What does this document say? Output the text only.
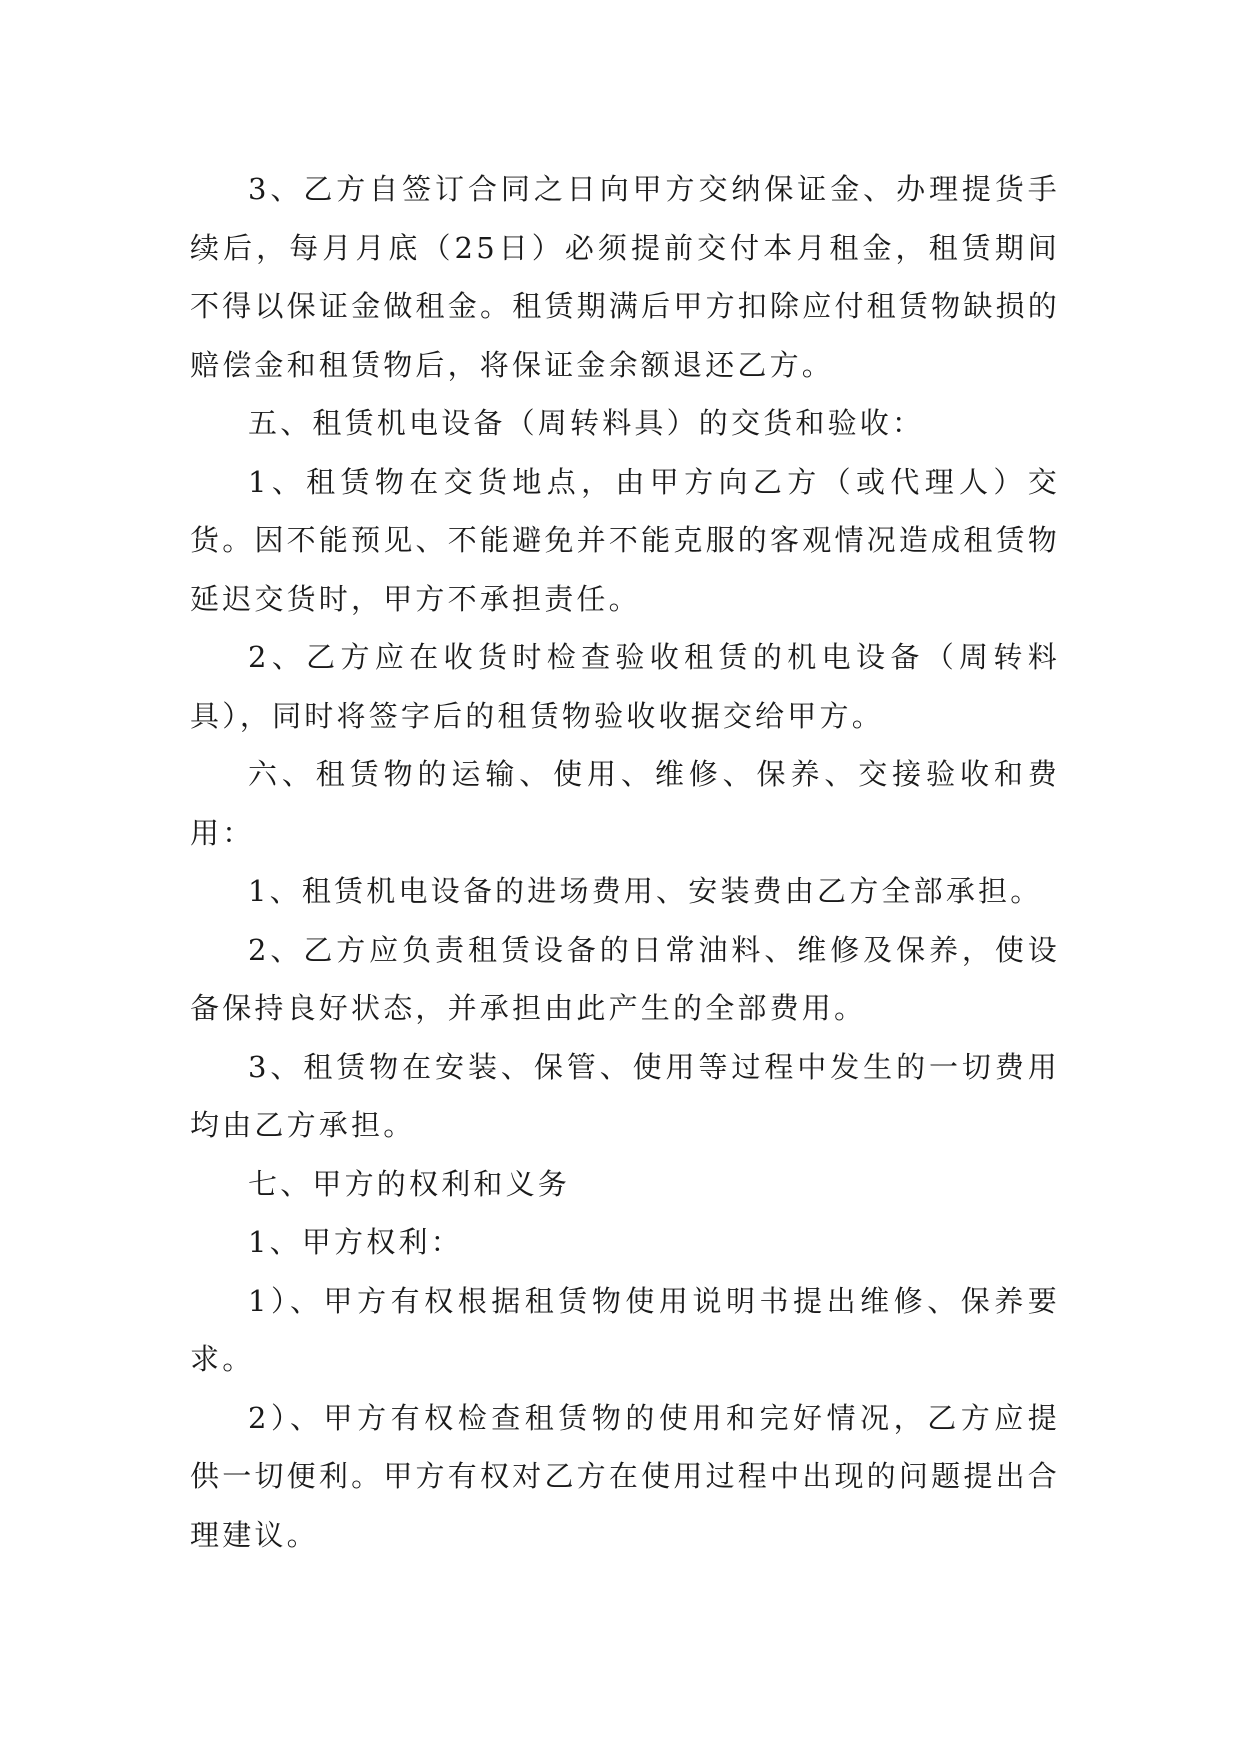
3、乙方自签订合同之日向甲方交纳保证金、办理提货手续后，每月月底（25日）必须提前交付本月租金，租赁期间不得以保证金做租金。租赁期满后甲方扣除应付租赁物缺损的赔偿金和租赁物后，将保证金余额退还乙方。

五、租赁机电设备（周转料具）的交货和验收：

1、租赁物在交货地点，由甲方向乙方（或代理人）交货。因不能预见、不能避免并不能克服的客观情况造成租赁物延迟交货时，甲方不承担责任。

2、乙方应在收货时检查验收租赁的机电设备（周转料具），同时将签字后的租赁物验收收据交给甲方。

六、租赁物的运输、使用、维修、保养、交接验收和费用：

1、租赁机电设备的进场费用、安装费由乙方全部承担。

2、乙方应负责租赁设备的日常油料、维修及保养，使设备保持良好状态，并承担由此产生的全部费用。

3、租赁物在安装、保管、使用等过程中发生的一切费用均由乙方承担。

七、甲方的权利和义务

1、甲方权利：

1）、甲方有权根据租赁物使用说明书提出维修、保养要求。

2）、甲方有权检查租赁物的使用和完好情况，乙方应提供一切便利。甲方有权对乙方在使用过程中出现的问题提出合理建议。
